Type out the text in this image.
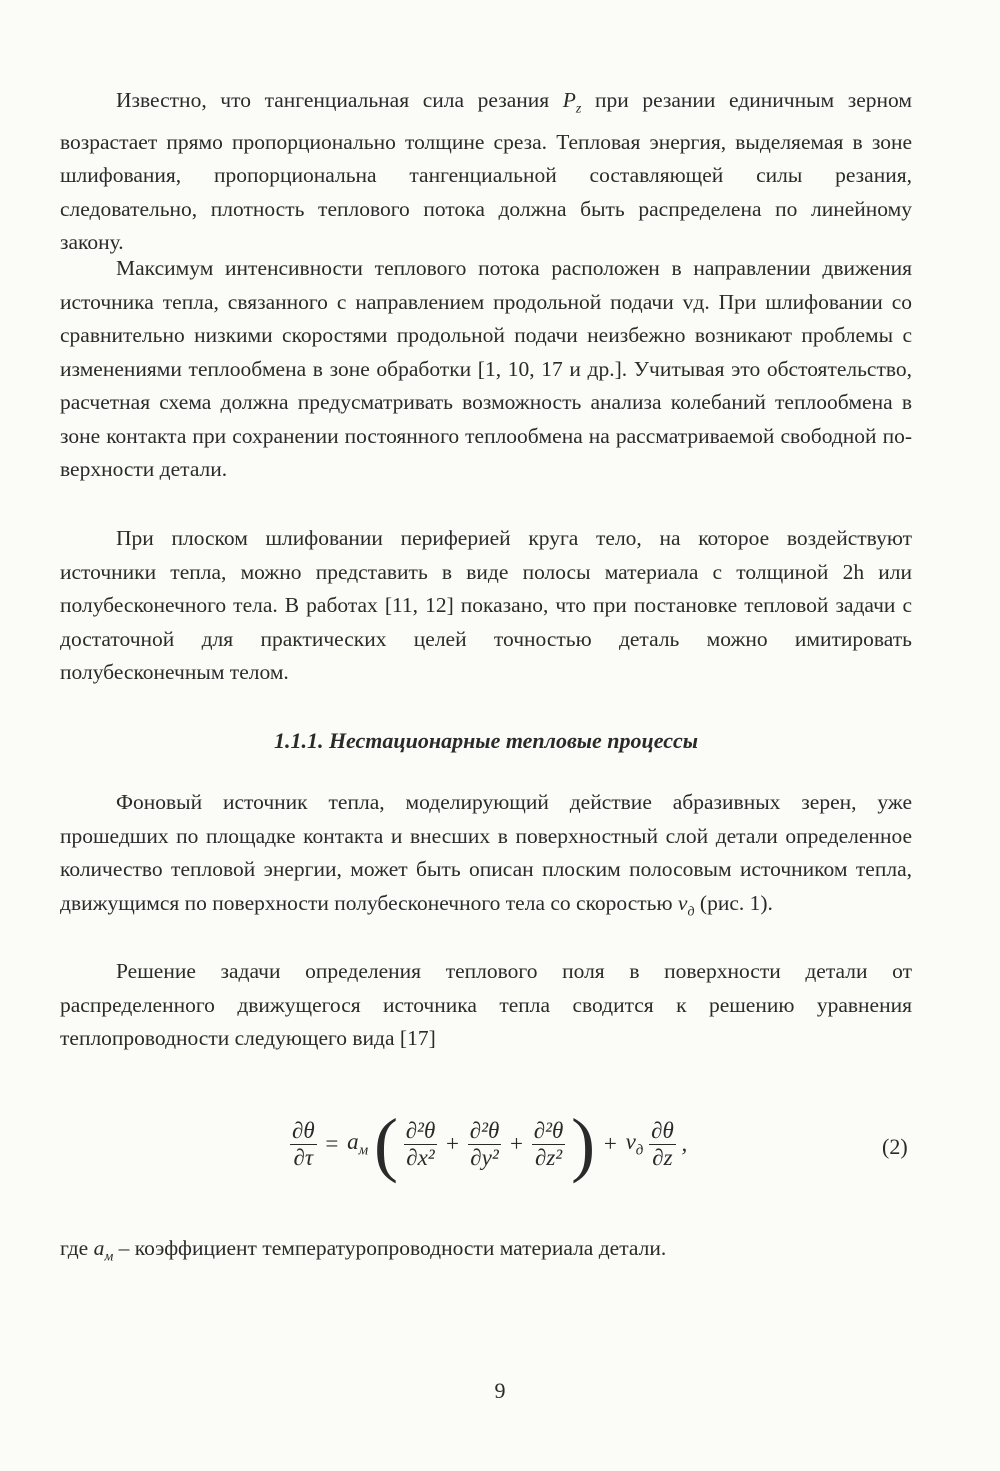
Известно, что тангенциальная сила резания $P_z$ при резании единичным зерном возрастает прямо пропорционально толщине среза. Тепловая энергия, выделяемая в зоне шлифования, пропорциональна тангенциальной составляющей силы резания, следовательно, плотность теплового потока должна быть распределена по линейному закону.

Максимум интенсивности теплового потока расположен в направлении движения источника тепла, связанного с направлением продольной подачи vд. При шлифовании со сравнительно низкими скоростями продольной подачи неизбежно возникают проблемы с изменениями теплообмена в зоне обработки [1, 10, 17 и др.]. Учитывая это обстоятельство, расчетная схема должна предусматривать возможность анализа колебаний теплообмена в зоне контакта при сохранении постоянного теплообмена на рассматриваемой свободной поверхности детали.

При плоском шлифовании периферией круга тело, на которое воздействуют источники тепла, можно представить в виде полосы материала с толщиной 2h или полубесконечного тела. В работах [11, 12] показано, что при постановке тепловой задачи с достаточной для практических целей точностью деталь можно имитировать полубесконечным телом.

1.1.1. Нестационарные тепловые процессы

Фоновый источник тепла, моделирующий действие абразивных зерен, уже прошедших по площадке контакта и внесших в поверхностный слой детали определенное количество тепловой энергии, может быть описан плоским полосовым источником тепла, движущимся по поверхности полубесконечного тела со скоростью $v_д$ (рис. 1).

Решение задачи определения теплового поля в поверхности детали от распределенного движущегося источника тепла сводится к решению уравнения теплопроводности следующего вида [17]

$\frac{\partial\theta}{\partial\tau} = a_м$ ( $\frac{\text{∂²θ}}{\text{∂x²}} + \frac{\text{∂²θ}}{\text{∂y²}} + \frac{\text{∂²θ}}{\text{∂z²}}$ ) + $v_д \frac{\partial\theta}{\partial z}$ ,	(2)
где $a_м$ – коэффициент температуропроводности материала детали.
9
